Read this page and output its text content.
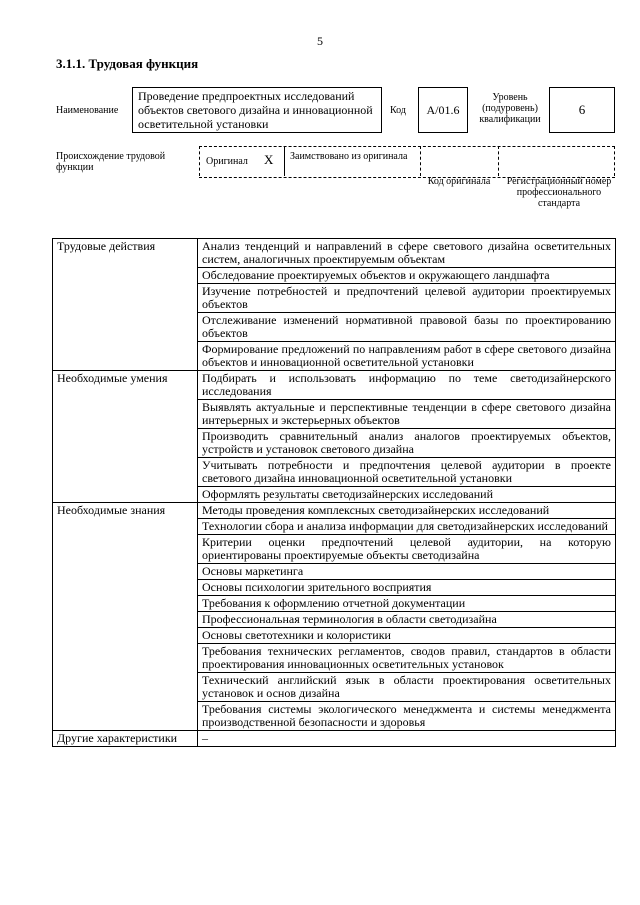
5
3.1.1. Трудовая функция
Наименование
Проведение предпроектных исследований объектов светового дизайна и инновационной осветительной установки
Код A/01.6
Уровень (подуровень) квалификации
6
Происхождение трудовой функции
Оригинал X Заимствовано из оригинала
Код оригинала	Регистрационный номер профессионального стандарта
Трудовые действия	Анализ тенденций и направлений в сфере светового дизайна осветительных систем, аналогичных проектируемым объектам

	Обследование проектируемых объектов и окружающего ландшафта

	Изучение потребностей и предпочтений целевой аудитории проектируемых объектов

	Отслеживание изменений нормативной правовой базы по проектированию объектов

	Формирование предложений по направлениям работ в сфере светового дизайна объектов и инновационной осветительной установки

Необходимые умения	Подбирать и использовать информацию по теме светодизайнерского исследования

	Выявлять актуальные и перспективные тенденции в сфере светового дизайна интерьерных и экстерьерных объектов

	Производить сравнительный анализ аналогов проектируемых объектов, устройств и установок светового дизайна

	Учитывать потребности и предпочтения целевой аудитории в проекте светового дизайна инновационной осветительной установки

	Оформлять результаты светодизайнерских исследований

Необходимые знания	Методы проведения комплексных светодизайнерских исследований

	Технологии сбора и анализа информации для светодизайнерских исследований

	Критерии оценки предпочтений целевой аудитории, на которую ориентированы проектируемые объекты светодизайна

	Основы маркетинга

	Основы психологии зрительного восприятия

	Требования к оформлению отчетной документации

	Профессиональная терминология в области светодизайна

	Основы светотехники и колористики

	Требования технических регламентов, сводов правил, стандартов в области проектирования инновационных осветительных установок

	Технический английский язык в области проектирования осветительных установок и основ дизайна

	Требования системы экологического менеджмента и системы менеджмента производственной безопасности и здоровья

Другие характеристики	–
